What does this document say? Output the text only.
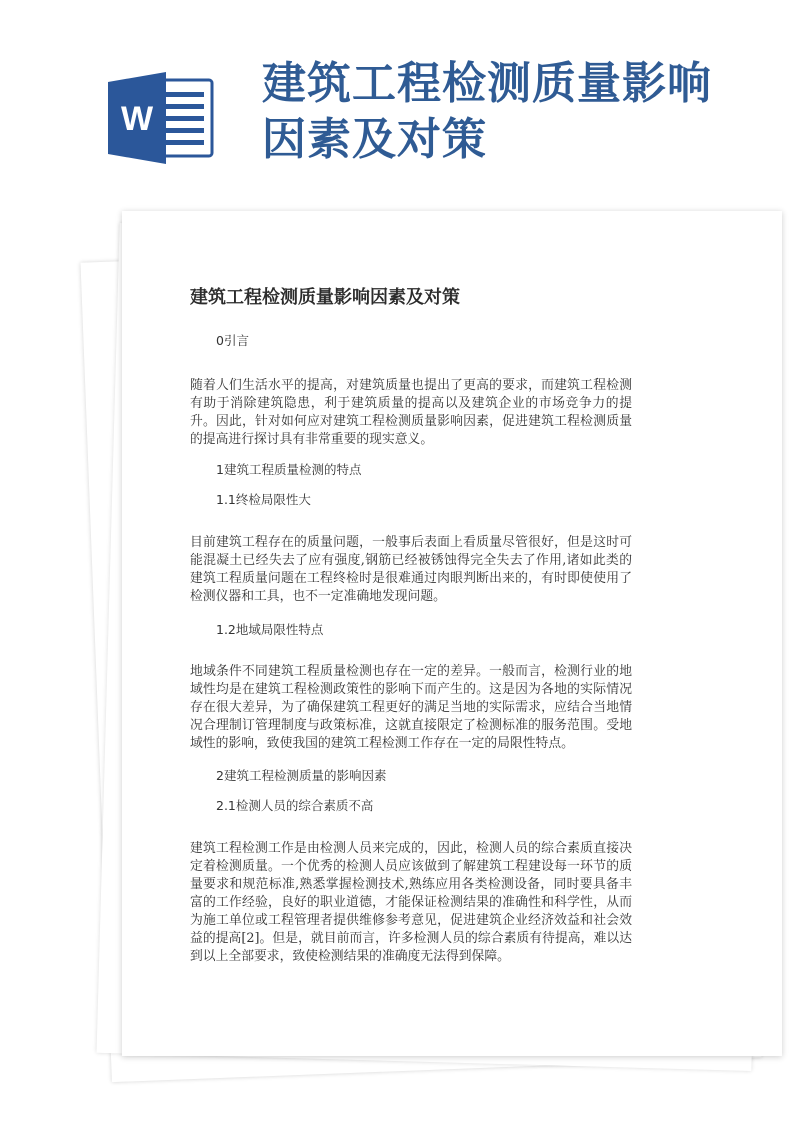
W
建筑工程检测质量影响
因素及对策
建筑工程检测质量影响因素及对策
0引言
随着人们生活水平的提高，对建筑质量也提出了更高的要求，而建筑工程检测有助于消除建筑隐患，利于建筑质量的提高以及建筑企业的市场竞争力的提升。因此，针对如何应对建筑工程检测质量影响因素，促进建筑工程检测质量的提高进行探讨具有非常重要的现实意义。
1建筑工程质量检测的特点
1.1终检局限性大
目前建筑工程存在的质量问题，一般事后表面上看质量尽管很好，但是这时可能混凝土已经失去了应有强度,钢筋已经被锈蚀得完全失去了作用,诸如此类的建筑工程质量问题在工程终检时是很难通过肉眼判断出来的，有时即使使用了检测仪器和工具，也不一定准确地发现问题。
1.2地域局限性特点
地域条件不同建筑工程质量检测也存在一定的差异。一般而言，检测行业的地域性均是在建筑工程检测政策性的影响下而产生的。这是因为各地的实际情况存在很大差异，为了确保建筑工程更好的满足当地的实际需求，应结合当地情况合理制订管理制度与政策标准，这就直接限定了检测标准的服务范围。受地域性的影响，致使我国的建筑工程检测工作存在一定的局限性特点。
2建筑工程检测质量的影响因素
2.1检测人员的综合素质不高
建筑工程检测工作是由检测人员来完成的，因此，检测人员的综合素质直接决定着检测质量。一个优秀的检测人员应该做到了解建筑工程建设每一环节的质量要求和规范标准,熟悉掌握检测技术,熟练应用各类检测设备，同时要具备丰富的工作经验，良好的职业道德，才能保证检测结果的准确性和科学性，从而为施工单位或工程管理者提供维修参考意见，促进建筑企业经济效益和社会效益的提高[2]。但是，就目前而言，许多检测人员的综合素质有待提高，难以达到以上全部要求，致使检测结果的准确度无法得到保障。
